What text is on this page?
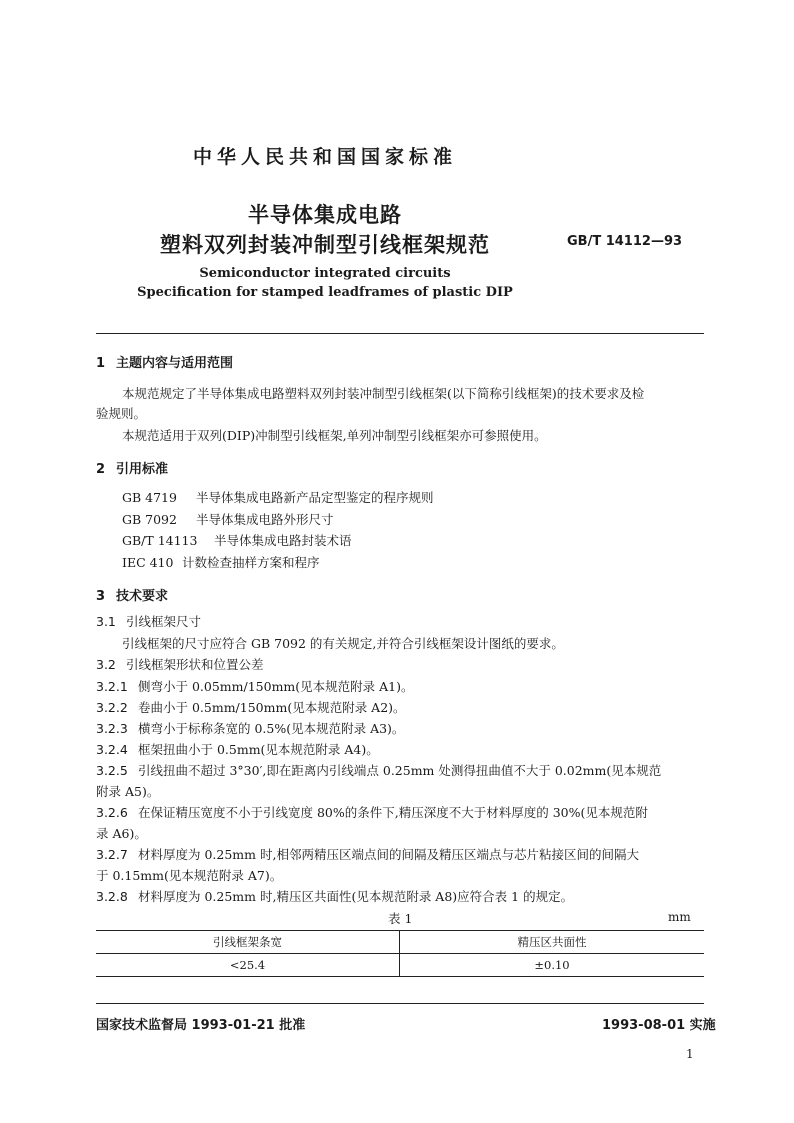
中华人民共和国国家标准
半导体集成电路
塑料双列封装冲制型引线框架规范	GB/T 14112—93
Semiconductor integrated circuits
Specification for stamped leadframes of plastic DIP
1 主题内容与适用范围
本规范规定了半导体集成电路塑料双列封装冲制型引线框架(以下简称引线框架)的技术要求及检
验规则。
本规范适用于双列(DIP)冲制型引线框架,单列冲制型引线框架亦可参照使用。
2 引用标准
GB 4719 半导体集成电路新产品定型鉴定的程序规则
GB 7092 半导体集成电路外形尺寸
GB/T 14113 半导体集成电路封装术语
IEC 410 计数检查抽样方案和程序
3 技术要求
3.1 引线框架尺寸
引线框架的尺寸应符合 GB 7092 的有关规定,并符合引线框架设计图纸的要求。
3.2 引线框架形状和位置公差
3.2.1 侧弯小于 0.05mm/150mm(见本规范附录 A1)。
3.2.2 卷曲小于 0.5mm/150mm(见本规范附录 A2)。
3.2.3 横弯小于标称条宽的 0.5%(见本规范附录 A3)。
3.2.4 框架扭曲小于 0.5mm(见本规范附录 A4)。
3.2.5 引线扭曲不超过 3°30′,即在距离内引线端点 0.25mm 处测得扭曲值不大于 0.02mm(见本规范
附录 A5)。
3.2.6 在保证精压宽度不小于引线宽度 80%的条件下,精压深度不大于材料厚度的 30%(见本规范附
录 A6)。
3.2.7 材料厚度为 0.25mm 时,相邻两精压区端点间的间隔及精压区端点与芯片粘接区间的间隔大
于 0.15mm(见本规范附录 A7)。
3.2.8 材料厚度为 0.25mm 时,精压区共面性(见本规范附录 A8)应符合表 1 的规定。
表 1	mm
引线框架条宽	精压区共面性
<25.4	±0.10
国家技术监督局 1993-01-21 批准	1993-08-01 实施
1
